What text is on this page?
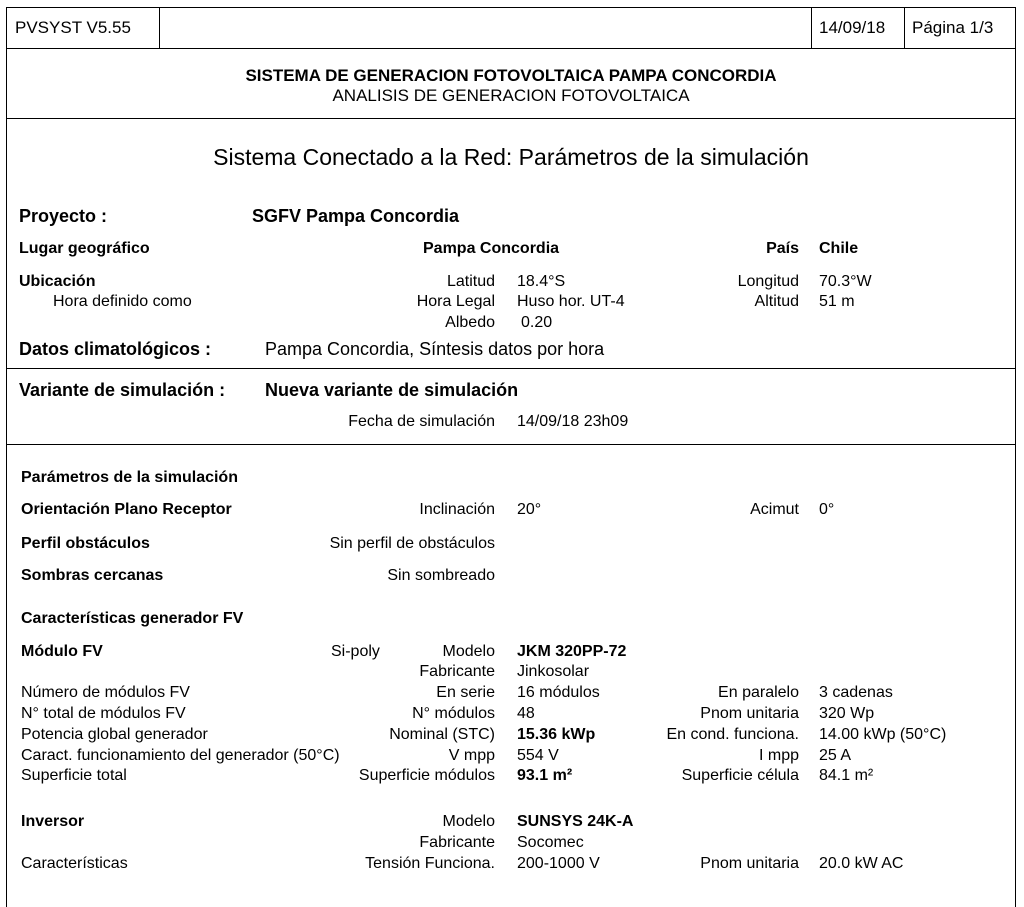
PVSYST V5.55	14/09/18 Página 1/3
SISTEMA DE GENERACION FOTOVOLTAICA PAMPA CONCORDIA
ANALISIS DE GENERACION FOTOVOLTAICA
Sistema Conectado a la Red: Parámetros de la simulación
Proyecto :	SGFV Pampa Concordia
Lugar geográfico	Pampa Concordia	País Chile
Ubicación	Latitud 18.4°S	Longitud 70.3°W
Hora definido como	Hora Legal Huso hor. UT-4	Altitud 51 m
Albedo 0.20
Datos climatológicos :	Pampa Concordia, Síntesis datos por hora
Variante de simulación : Nueva variante de simulación
Fecha de simulación 14/09/18 23h09
Parámetros de la simulación
Orientación Plano Receptor	Inclinación 20°	Acimut 0°
Perfil obstáculos	Sin perfil de obstáculos
Sombras cercanas	Sin sombreado
Características generador FV
Módulo FV	Si-poly	Modelo JKM 320PP-72
Fabricante Jinkosolar
Número de módulos FV	En serie 16 módulos	En paralelo 3 cadenas
N° total de módulos FV	N° módulos 48	Pnom unitaria 320 Wp
Potencia global generador	Nominal (STC) 15.36 kWp	En cond. funciona. 14.00 kWp (50°C)
Caract. funcionamiento del generador (50°C)	V mpp 554 V	I mpp 25 A
Superficie total	Superficie módulos 93.1 m²	Superficie célula 84.1 m²
Inversor	Modelo SUNSYS 24K-A
Fabricante Socomec
Características	Tensión Funciona. 200-1000 V	Pnom unitaria 20.0 kW AC
